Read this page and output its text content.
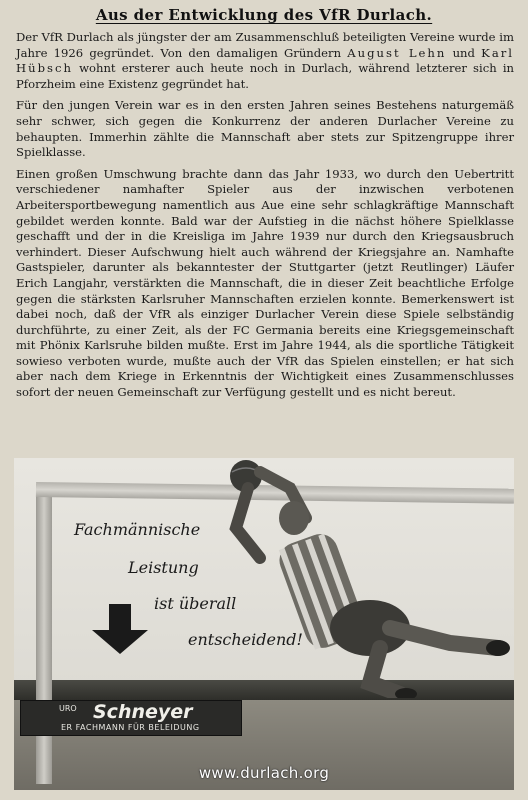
Aus der Entwicklung des VfR Durlach.

Der VfR Durlach als jüngster der am Zusammenschluß beteiligten Vereine wurde im Jahre 1926 gegründet. Von den damaligen Gründern August Lehn und Karl Hübsch wohnt ersterer auch heute noch in Durlach, während letzterer sich in Pforzheim eine Existenz gegründet hat.

Für den jungen Verein war es in den ersten Jahren seines Bestehens naturgemäß sehr schwer, sich gegen die Konkurrenz der anderen Durlacher Vereine zu behaupten. Immerhin zählte die Mannschaft aber stets zur Spitzengruppe ihrer Spielklasse.

Einen großen Umschwung brachte dann das Jahr 1933, wo durch den Uebertritt verschiedener namhafter Spieler aus der inzwischen verbotenen Arbeitersportbewegung namentlich aus Aue eine sehr schlagkräftige Mannschaft gebildet werden konnte. Bald war der Aufstieg in die nächst höhere Spielklasse geschafft und der in die Kreisliga im Jahre 1939 nur durch den Kriegsausbruch verhindert. Dieser Aufschwung hielt auch während der Kriegsjahre an. Namhafte Gastspieler, darunter als bekanntester der Stuttgarter (jetzt Reutlinger) Läufer Erich Langjahr, verstärkten die Mannschaft, die in dieser Zeit beachtliche Erfolge gegen die stärksten Karlsruher Mannschaften erzielen konnte. Bemerkenswert ist dabei noch, daß der VfR als einziger Durlacher Verein diese Spiele selbständig durchführte, zu einer Zeit, als der FC Germania bereits eine Kriegsgemeinschaft mit Phönix Karlsruhe bilden mußte. Erst im Jahre 1944, als die sportliche Tätigkeit sowieso verboten wurde, mußte auch der VfR das Spielen einstellen; er hat sich aber nach dem Kriege in Erkenntnis der Wichtigkeit eines Zusammenschlusses sofort der neuen Gemeinschaft zur Verfügung gestellt und es nicht bereut.

Fachmännische
Leistung
ist überall
entscheidend!
URO Schneyer
ER FACHMANN FÜR BELEIDUNG
www.durlach.org
